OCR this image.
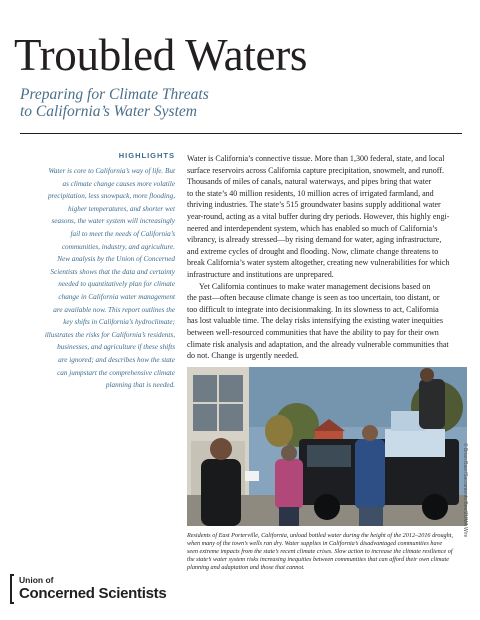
Troubled Waters
Preparing for Climate Threats
to California’s Water System
HIGHLIGHTS
Water is core to California’s way of life. But
as climate change causes more volatile
precipitation, less snowpack, more flooding,
higher temperatures, and shorter wet
seasons, the water system will increasingly
fail to meet the needs of California’s
communities, industry, and agriculture.
New analysis by the Union of Concerned
Scientists shows that the data and certainty
needed to quantitatively plan for climate
change in California water management
are available now. This report outlines the
key shifts in California’s hydroclimate;
illustrates the risks for California’s residents,
businesses, and agriculture if these shifts
are ignored; and describes how the state
can jumpstart the comprehensive climate
planning that is needed.

Water is California’s connective tissue. More than 1,300 federal, state, and local
surface reservoirs across California capture precipitation, snowmelt, and runoff.
Thousands of miles of canals, natural waterways, and pipes bring that water
to the state’s 40 million residents, 10 million acres of irrigated farmland, and
thriving industries. The state’s 515 groundwater basins supply additional water
year-round, acting as a vital buffer during dry periods. However, this highly engi-
neered and interdependent system, which has enabled so much of California’s
vibrancy, is already stressed—by rising demand for water, aging infrastructure,
and extreme cycles of drought and flooding. Now, climate change threatens to
break California’s water system altogether, creating new vulnerabilities for which
infrastructure and institutions are unprepared.

Yet California continues to make water management decisions based on
the past—often because climate change is seen as too uncertain, too distant, or
too difficult to integrate into decisionmaking. In its slowness to act, California
has lost valuable time. The delay risks intensifying the existing water inequities
between well-resourced communities that have the ability to pay for their own
climate risk analysis and adaptation, and the already vulnerable communities that
do not. Change is urgently needed.

© Brian Baer/Sacramento Bee/ZUMA Wire
Residents of East Porterville, California, unload bottled water during the height of the 2012–2016 drought,
when many of the town’s wells ran dry. Water supplies in California’s disadvantaged communities have
seen extreme impacts from the state’s recent climate crises. Slow action to increase the climate resilience of
the state’s water system risks increasing inequities between communities that can afford their own climate
planning and adaptation and those that cannot.
Union of
Concerned Scientists
